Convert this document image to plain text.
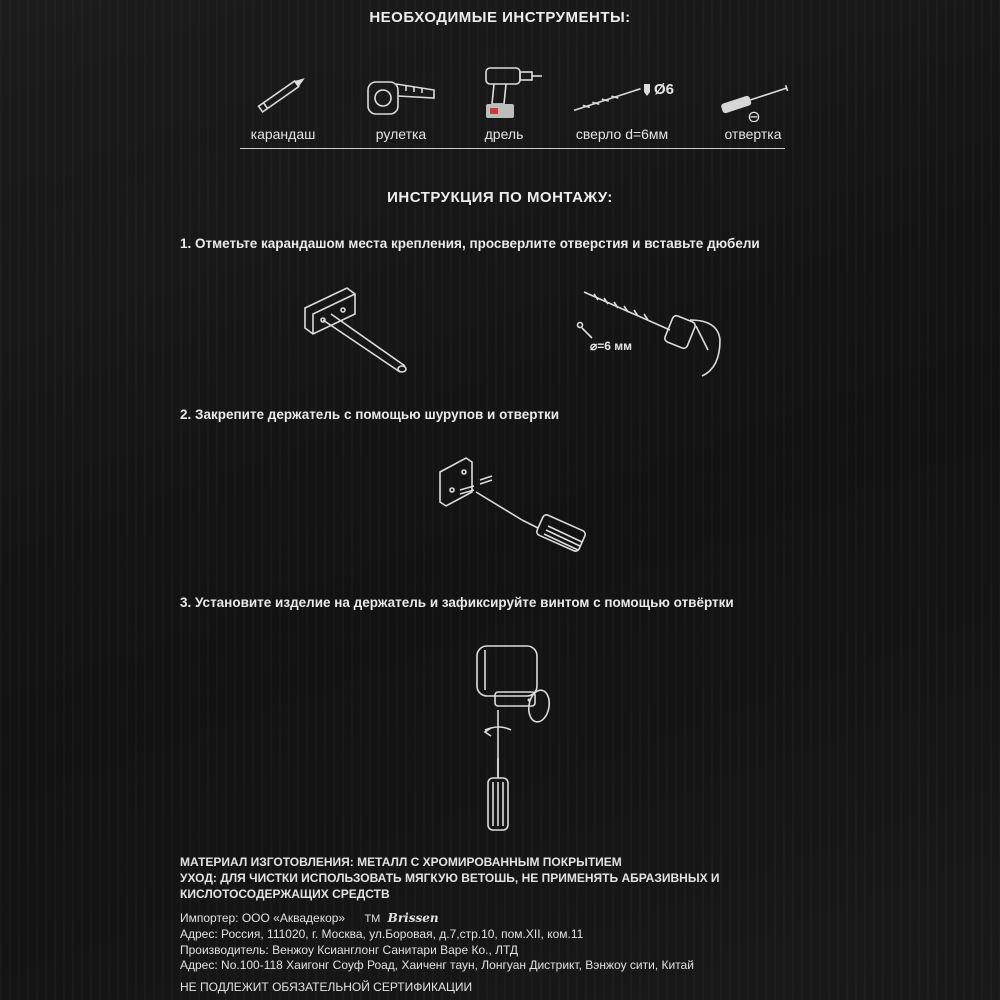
НЕОБХОДИМЫЕ ИНСТРУМЕНТЫ:
карандаш	рулетка	дрель
Ø6
сверло d=6мм
⊖
отвертка
ИНСТРУКЦИЯ ПО МОНТАЖУ:
1. Отметьте карандашом места крепления, просверлите отверстия и вставьте дюбели
⌀=6 мм
2. Закрепите держатель с помощью шурупов и отвертки
3. Установите изделие на держатель и зафиксируйте винтом с помощью отвёртки
МАТЕРИАЛ ИЗГОТОВЛЕНИЯ: МЕТАЛЛ С ХРОМИРОВАННЫМ ПОКРЫТИЕМ
УХОД: ДЛЯ ЧИСТКИ ИСПОЛЬЗОВАТЬ МЯГКУЮ ВЕТОШЬ, НЕ ПРИМЕНЯТЬ АБРАЗИВНЫХ И
КИСЛОТОСОДЕРЖАЩИХ СРЕДСТВ
Импортер: ООО «Аквадекор» ТМ Brissen
Адрес: Россия, 111020, г. Москва, ул.Боровая, д.7,стр.10, пом.XII, ком.11
Производитель: Венжоу Ксианглонг Санитари Варе Ко., ЛТД
Адрес: No.100-118 Хаигонг Соуф Роад, Хаиченг таун, Лонгуан Дистрикт, Вэнжоу сити, Китай
НЕ ПОДЛЕЖИТ ОБЯЗАТЕЛЬНОЙ СЕРТИФИКАЦИИ
